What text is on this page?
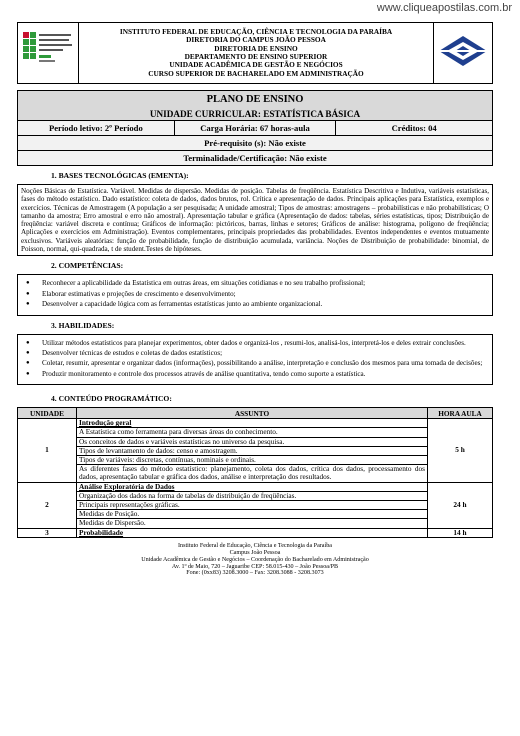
www.cliqueapostilas.com.br

INSTITUTO FEDERAL DE EDUCAÇÃO, CIÊNCIA E TECNOLOGIA DA PARAÍBA
DIRETORIA DO CAMPUS JOÃO PESSOA
DIRETORIA DE ENSINO
DEPARTAMENTO DE ENSINO SUPERIOR
UNIDADE ACADÊMICA DE GESTÃO E NEGÓCIOS
CURSO SUPERIOR DE BACHARELADO EM ADMINISTRAÇÃO

PLANO DE ENSINO
UNIDADE CURRICULAR: ESTATÍSTICA BÁSICA
Período letivo: 2º Período	Carga Horária: 67 horas-aula	Créditos: 04
Pré-requisito (s): Não existe
Terminalidade/Certificação: Não existe
1. BASES TECNOLÓGICAS (EMENTA):
Noções Básicas de Estatística. Variável. Medidas de dispersão. Medidas de posição. Tabelas de freqüência. Estatística Descritiva e Indutiva, variáveis estatísticas, fases do método estatístico. Dado estatístico: coleta de dados, dados brutos, rol. Crítica e apresentação de dados. Principais aplicações para Estatística, exemplos e exercícios. Técnicas de Amostragem (A população a ser pesquisada; A unidade amostral; Tipos de amostras: amostragens – probabilísticas e não probabilísticas; O tamanho da amostra; Erro amostral e erro não amostral). Apresentação tabular e gráfica (Apresentação de dados: tabelas, séries estatísticas, tipos; Distribuição de freqüência: variável discreta e contínua; Gráficos de informação: pictóricos, barras, linhas e setores; Gráficos de análise: histograma, polígono de freqüência; Aplicações e exercícios em Administração). Eventos complementares, principais propriedades das probabilidades. Eventos independentes e eventos mutuamente exclusivos. Variáveis aleatórias: função de probabilidade, função de distribuição acumulada, variância. Noções de Distribuição de probabilidade: binomial, de Poisson, normal, qui-quadrada, t de student.Testes de hipóteses.
2. COMPETÊNCIAS:
●	Reconhecer a aplicabilidade da Estatística em outras áreas, em situações cotidianas e no seu trabalho profissional;
●	Elaborar estimativas e projeções de crescimento e desenvolvimento;
●	Desenvolver a capacidade lógica com as ferramentas estatísticas junto ao ambiente organizacional.
3. HABILIDADES:
●	Utilizar métodos estatísticos para planejar experimentos, obter dados e organizá-los , resumi-los, analisá-los, interpretá-los e deles extrair conclusões.
●	Desenvolver técnicas de estudos e coletas de dados estatísticos;
●	Coletar, resumir, apresentar e organizar dados (informações), possibilitando a análise, interpretação e conclusão dos mesmos para uma tomada de decisões;
●	Produzir monitoramento e controle dos processos através de análise quantitativa, tendo como suporte a estatística.
4. CONTEÚDO PROGRAMÁTICO:
UNIDADE	ASSUNTO	HORA AULA
1	Introdução geral	5 h
	A Estatística como ferramenta para diversas áreas do conhecimento.	
	Os conceitos de dados e variáveis estatísticas no universo da pesquisa.	
	Tipos de levantamento de dados: censo e amostragem.	
	Tipos de variáveis: discretas, contínuas, nominais e ordinais.	
	As diferentes fases do método estatístico: planejamento, coleta dos dados, crítica dos dados, processamento dos dados, apresentação tabular e gráfica dos dados, análise e interpretação dos resultados.	
2	Análise Exploratória de Dados	24 h
	Organização dos dados na forma de tabelas de distribuição de freqüências.	
	Principais representações gráficas.	
	Medidas de Posição.	
	Medidas de Dispersão.	
3	Probabilidade	14 h
Instituto Federal de Educação, Ciência e Tecnologia da Paraíba
Campus João Pessoa
Unidade Acadêmica de Gestão e Negócios – Coordenação do Bacharelado em Administração
Av. 1º de Maio, 720 – Jaguaribe CEP: 58.015-430 – João Pessoa/PB
Fone: (0xx83) 3208.3000 – Fax: 3208.3088 - 3208.3073
